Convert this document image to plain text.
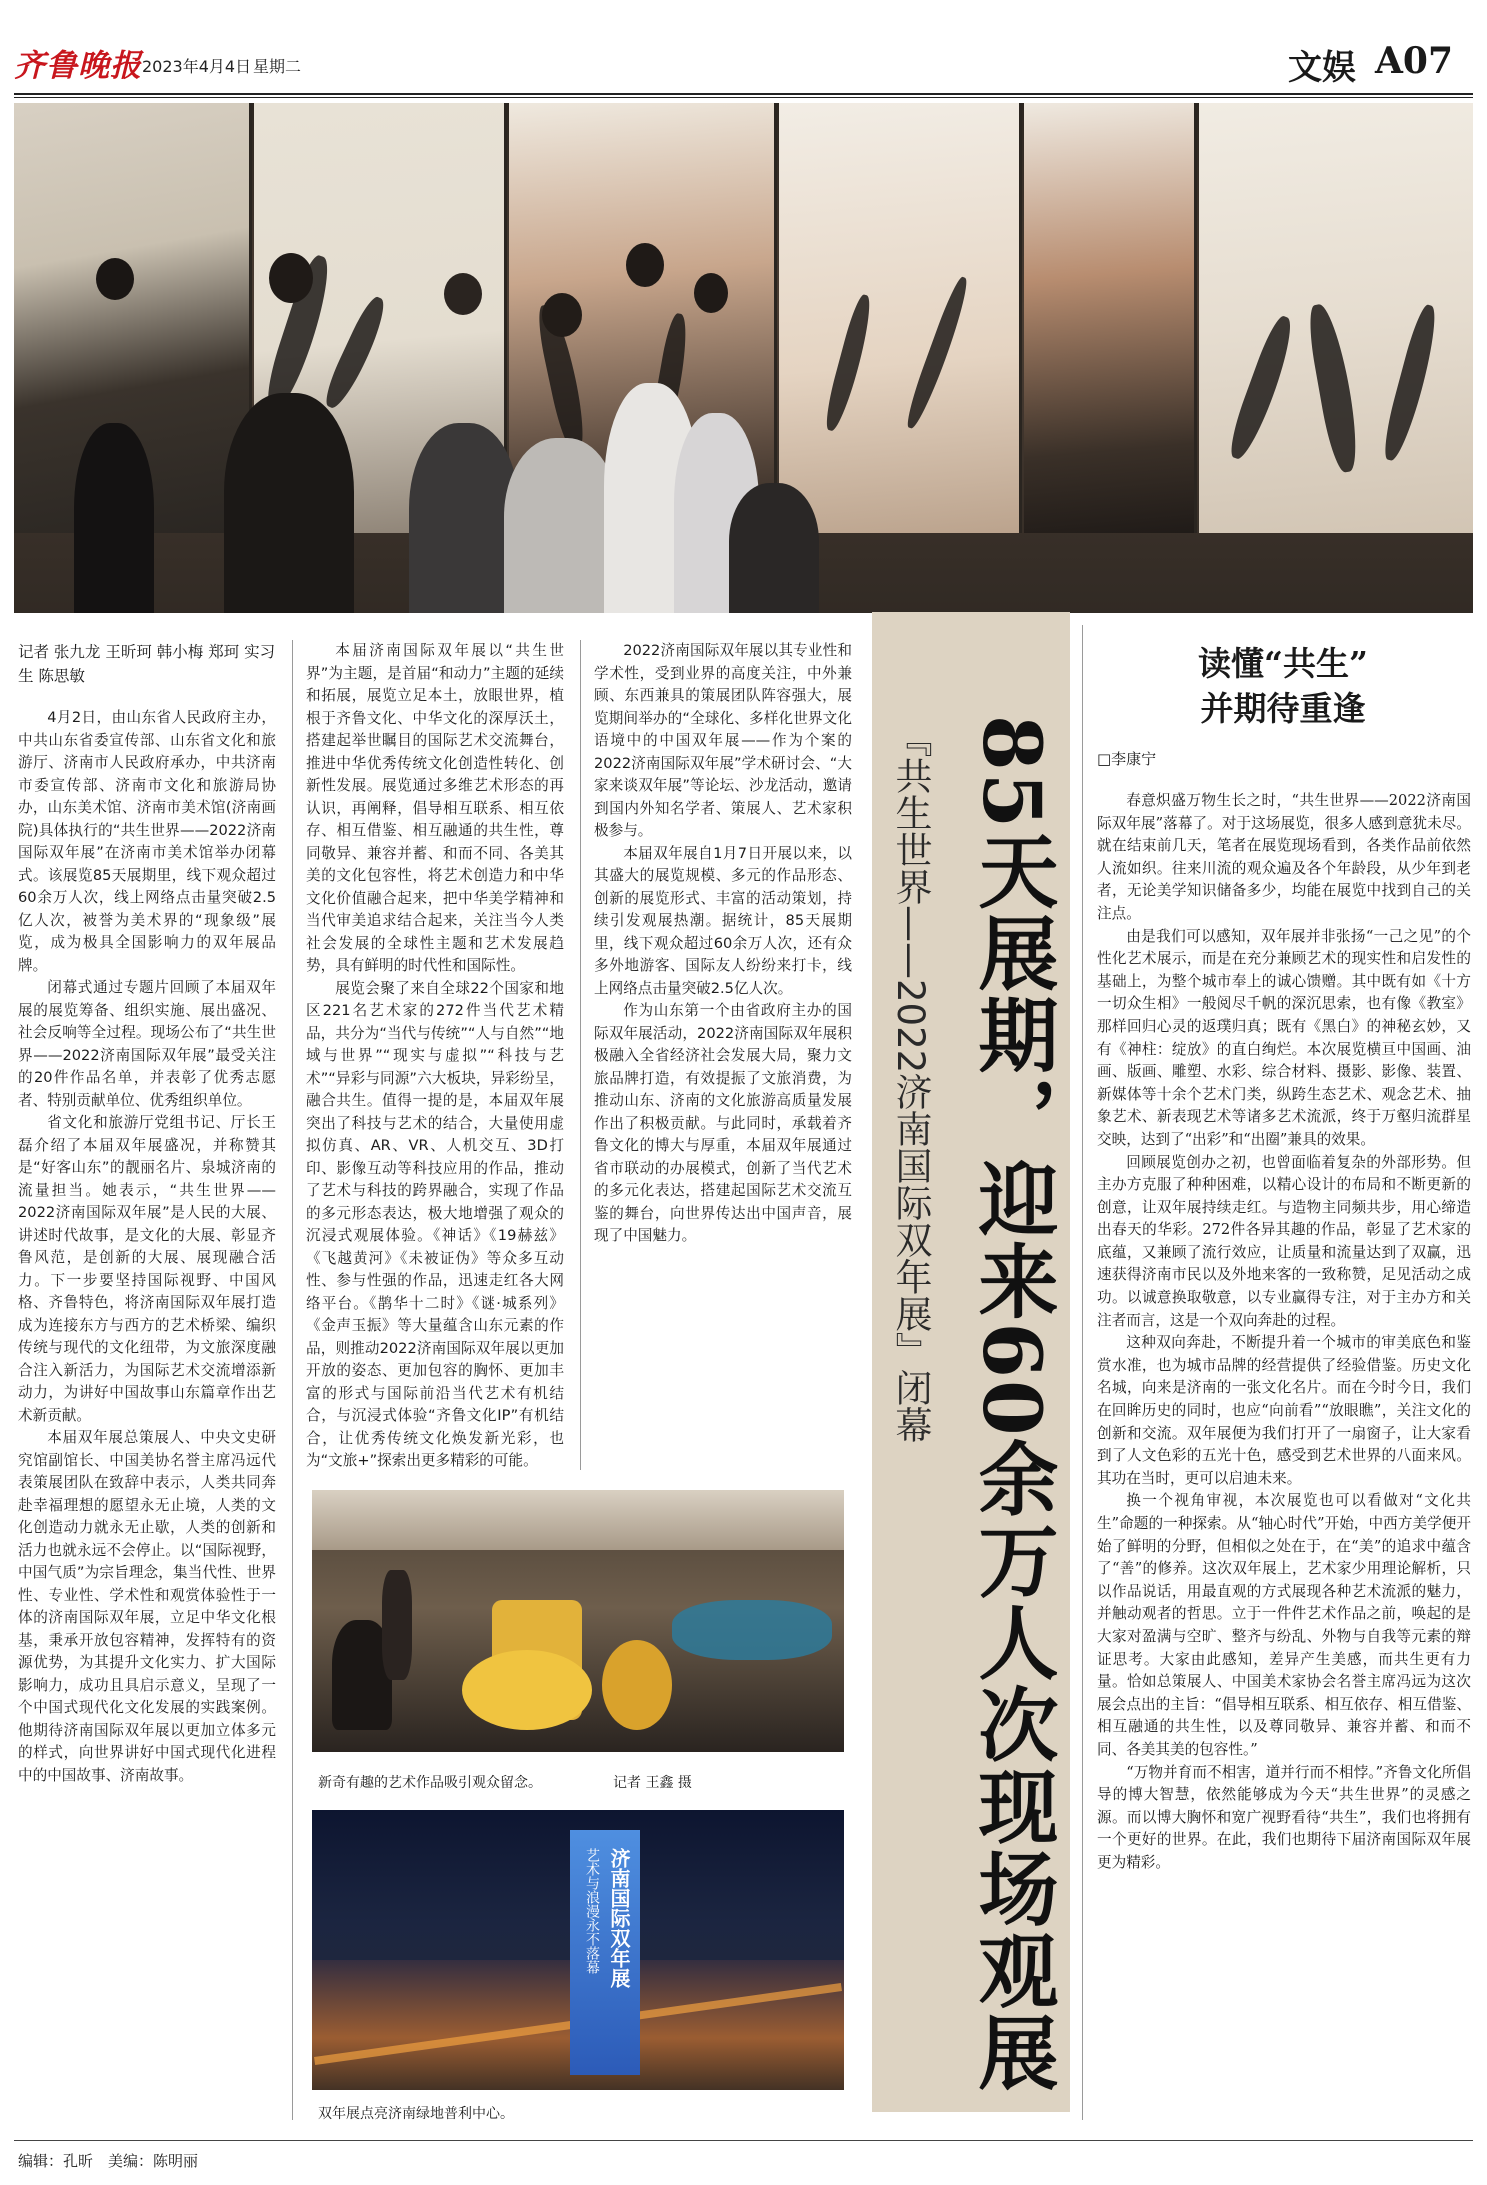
齐鲁晚报 2023年4月4日 星期二	文娱 A07
记者 张九龙 王昕珂 韩小梅 郑珂 实习生 陈思敏

4月2日，由山东省人民政府主办，中共山东省委宣传部、山东省文化和旅游厅、济南市人民政府承办，中共济南市委宣传部、济南市文化和旅游局协办，山东美术馆、济南市美术馆(济南画院)具体执行的“共生世界——2022济南国际双年展”在济南市美术馆举办闭幕式。该展览85天展期里，线下观众超过60余万人次，线上网络点击量突破2.5亿人次，被誉为美术界的“现象级”展览，成为极具全国影响力的双年展品牌。

闭幕式通过专题片回顾了本届双年展的展览筹备、组织实施、展出盛况、社会反响等全过程。现场公布了“共生世界——2022济南国际双年展”最受关注的20件作品名单，并表彰了优秀志愿者、特别贡献单位、优秀组织单位。

省文化和旅游厅党组书记、厅长王磊介绍了本届双年展盛况，并称赞其是“好客山东”的靓丽名片、泉城济南的流量担当。她表示，“共生世界——2022济南国际双年展”是人民的大展、讲述时代故事，是文化的大展、彰显齐鲁风范，是创新的大展、展现融合活力。下一步要坚持国际视野、中国风格、齐鲁特色，将济南国际双年展打造成为连接东方与西方的艺术桥梁、编织传统与现代的文化纽带，为文旅深度融合注入新活力，为国际艺术交流增添新动力，为讲好中国故事山东篇章作出艺术新贡献。

本届双年展总策展人、中央文史研究馆副馆长、中国美协名誉主席冯远代表策展团队在致辞中表示，人类共同奔赴幸福理想的愿望永无止境，人类的文化创造动力就永无止歇，人类的创新和活力也就永远不会停止。以“国际视野，中国气质”为宗旨理念，集当代性、世界性、专业性、学术性和观赏体验性于一体的济南国际双年展，立足中华文化根基，秉承开放包容精神，发挥特有的资源优势，为其提升文化实力、扩大国际影响力，成功且具启示意义，呈现了一个中国式现代化文化发展的实践案例。他期待济南国际双年展以更加立体多元的样式，向世界讲好中国式现代化进程中的中国故事、济南故事。

本届济南国际双年展以“共生世界”为主题，是首届“和动力”主题的延续和拓展，展览立足本土，放眼世界，植根于齐鲁文化、中华文化的深厚沃土，搭建起举世瞩目的国际艺术交流舞台，推进中华优秀传统文化创造性转化、创新性发展。展览通过多维艺术形态的再认识，再阐释，倡导相互联系、相互依存、相互借鉴、相互融通的共生性，尊同敬异、兼容并蓄、和而不同、各美其美的文化包容性，将艺术创造力和中华文化价值融合起来，把中华美学精神和当代审美追求结合起来，关注当今人类社会发展的全球性主题和艺术发展趋势，具有鲜明的时代性和国际性。

展览会聚了来自全球22个国家和地区221名艺术家的272件当代艺术精品，共分为“当代与传统”“人与自然”“地域与世界”“现实与虚拟”“科技与艺术”“异彩与同源”六大板块，异彩纷呈，融合共生。值得一提的是，本届双年展突出了科技与艺术的结合，大量使用虚拟仿真、AR、VR、人机交互、3D打印、影像互动等科技应用的作品，推动了艺术与科技的跨界融合，实现了作品的多元形态表达，极大地增强了观众的沉浸式观展体验。《神话》《19赫兹》《飞越黄河》《未被证伪》等众多互动性、参与性强的作品，迅速走红各大网络平台。《鹊华十二时》《谜·城系列》《金声玉振》等大量蕴含山东元素的作品，则推动2022济南国际双年展以更加开放的姿态、更加包容的胸怀、更加丰富的形式与国际前沿当代艺术有机结合，与沉浸式体验“齐鲁文化IP”有机结合，让优秀传统文化焕发新光彩，也为“文旅+”探索出更多精彩的可能。

2022济南国际双年展以其专业性和学术性，受到业界的高度关注，中外兼顾、东西兼具的策展团队阵容强大，展览期间举办的“全球化、多样化世界文化语境中的中国双年展——作为个案的2022济南国际双年展”学术研讨会、“大家来谈双年展”等论坛、沙龙活动，邀请到国内外知名学者、策展人、艺术家积极参与。

本届双年展自1月7日开展以来，以其盛大的展览规模、多元的作品形态、创新的展览形式、丰富的活动策划，持续引发观展热潮。据统计，85天展期里，线下观众超过60余万人次，还有众多外地游客、国际友人纷纷来打卡，线上网络点击量突破2.5亿人次。

作为山东第一个由省政府主办的国际双年展活动，2022济南国际双年展积极融入全省经济社会发展大局，聚力文旅品牌打造，有效提振了文旅消费，为推动山东、济南的文化旅游高质量发展作出了积极贡献。与此同时，承载着齐鲁文化的博大与厚重，本届双年展通过省市联动的办展模式，创新了当代艺术的多元化表达，搭建起国际艺术交流互鉴的舞台，向世界传达出中国声音，展现了中国魅力。	『共生世界——2022济南国际双年展』闭幕 85天展期，迎来60余万人次现场观展
新奇有趣的艺术作品吸引观众留念。	记者 王鑫 摄
济南国际双年展
艺术与浪漫永不落幕
双年展点亮济南绿地普利中心。
读懂“共生”
并期待重逢
□李康宁

春意炽盛万物生长之时，“共生世界——2022济南国际双年展”落幕了。对于这场展览，很多人感到意犹未尽。就在结束前几天，笔者在展览现场看到，各类作品前依然人流如织。往来川流的观众遍及各个年龄段，从少年到老者，无论美学知识储备多少，均能在展览中找到自己的关注点。

由是我们可以感知，双年展并非张扬“一己之见”的个性化艺术展示，而是在充分兼顾艺术的现实性和启发性的基础上，为整个城市奉上的诚心馈赠。其中既有如《十方一切众生相》一般阅尽千帆的深沉思索，也有像《教室》那样回归心灵的返璞归真；既有《黑白》的神秘玄妙，又有《神柱：绽放》的直白绚烂。本次展览横亘中国画、油画、版画、雕塑、水彩、综合材料、摄影、影像、装置、新媒体等十余个艺术门类，纵跨生态艺术、观念艺术、抽象艺术、新表现艺术等诸多艺术流派，终于万壑归流群星交映，达到了“出彩”和“出圈”兼具的效果。

回顾展览创办之初，也曾面临着复杂的外部形势。但主办方克服了种种困难，以精心设计的布局和不断更新的创意，让双年展持续走红。与造物主同频共步，用心缔造出春天的华彩。272件各异其趣的作品，彰显了艺术家的底蕴，又兼顾了流行效应，让质量和流量达到了双赢，迅速获得济南市民以及外地来客的一致称赞，足见活动之成功。以诚意换取敬意，以专业赢得专注，对于主办方和关注者而言，这是一个双向奔赴的过程。

这种双向奔赴，不断提升着一个城市的审美底色和鉴赏水准，也为城市品牌的经营提供了经验借鉴。历史文化名城，向来是济南的一张文化名片。而在今时今日，我们在回眸历史的同时，也应“向前看”“放眼瞧”，关注文化的创新和交流。双年展便为我们打开了一扇窗子，让大家看到了人文色彩的五光十色，感受到艺术世界的八面来风。其功在当时，更可以启迪未来。

换一个视角审视，本次展览也可以看做对“文化共生”命题的一种探索。从“轴心时代”开始，中西方美学便开始了鲜明的分野，但相似之处在于，在“美”的追求中蕴含了“善”的修养。这次双年展上，艺术家少用理论解析，只以作品说话，用最直观的方式展现各种艺术流派的魅力，并触动观者的哲思。立于一件件艺术作品之前，唤起的是大家对盈满与空旷、整齐与纷乱、外物与自我等元素的辩证思考。大家由此感知，差异产生美感，而共生更有力量。恰如总策展人、中国美术家协会名誉主席冯远为这次展会点出的主旨：“倡导相互联系、相互依存、相互借鉴、相互融通的共生性，以及尊同敬异、兼容并蓄、和而不同、各美其美的包容性。”

“万物并育而不相害，道并行而不相悖。”齐鲁文化所倡导的博大智慧，依然能够成为今天“共生世界”的灵感之源。而以博大胸怀和宽广视野看待“共生”，我们也将拥有一个更好的世界。在此，我们也期待下届济南国际双年展更为精彩。

编辑：孔昕 美编：陈明丽
